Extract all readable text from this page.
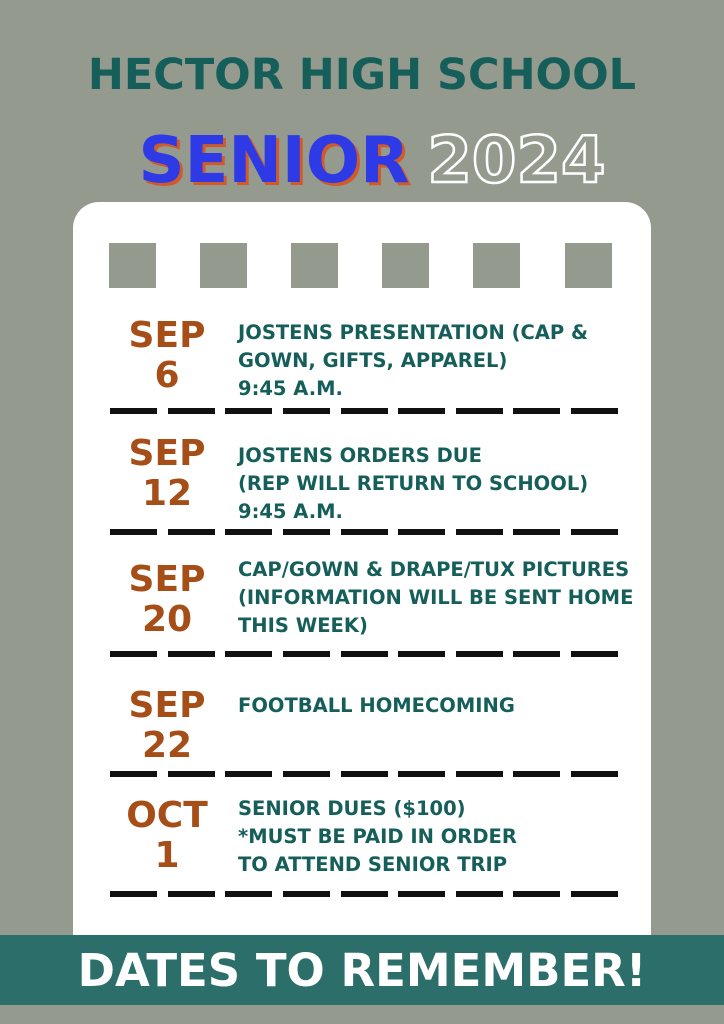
HECTOR HIGH SCHOOL
SENIOR 2024
SEP
6
JOSTENS PRESENTATION (CAP &
GOWN, GIFTS, APPAREL)
9:45 A.M.
SEP
12
JOSTENS ORDERS DUE
(REP WILL RETURN TO SCHOOL)
9:45 A.M.
SEP
20
CAP/GOWN & DRAPE/TUX PICTURES
(INFORMATION WILL BE SENT HOME
THIS WEEK)
SEP
22
FOOTBALL HOMECOMING
OCT
1
SENIOR DUES ($100)
*MUST BE PAID IN ORDER
TO ATTEND SENIOR TRIP
DATES TO REMEMBER!
